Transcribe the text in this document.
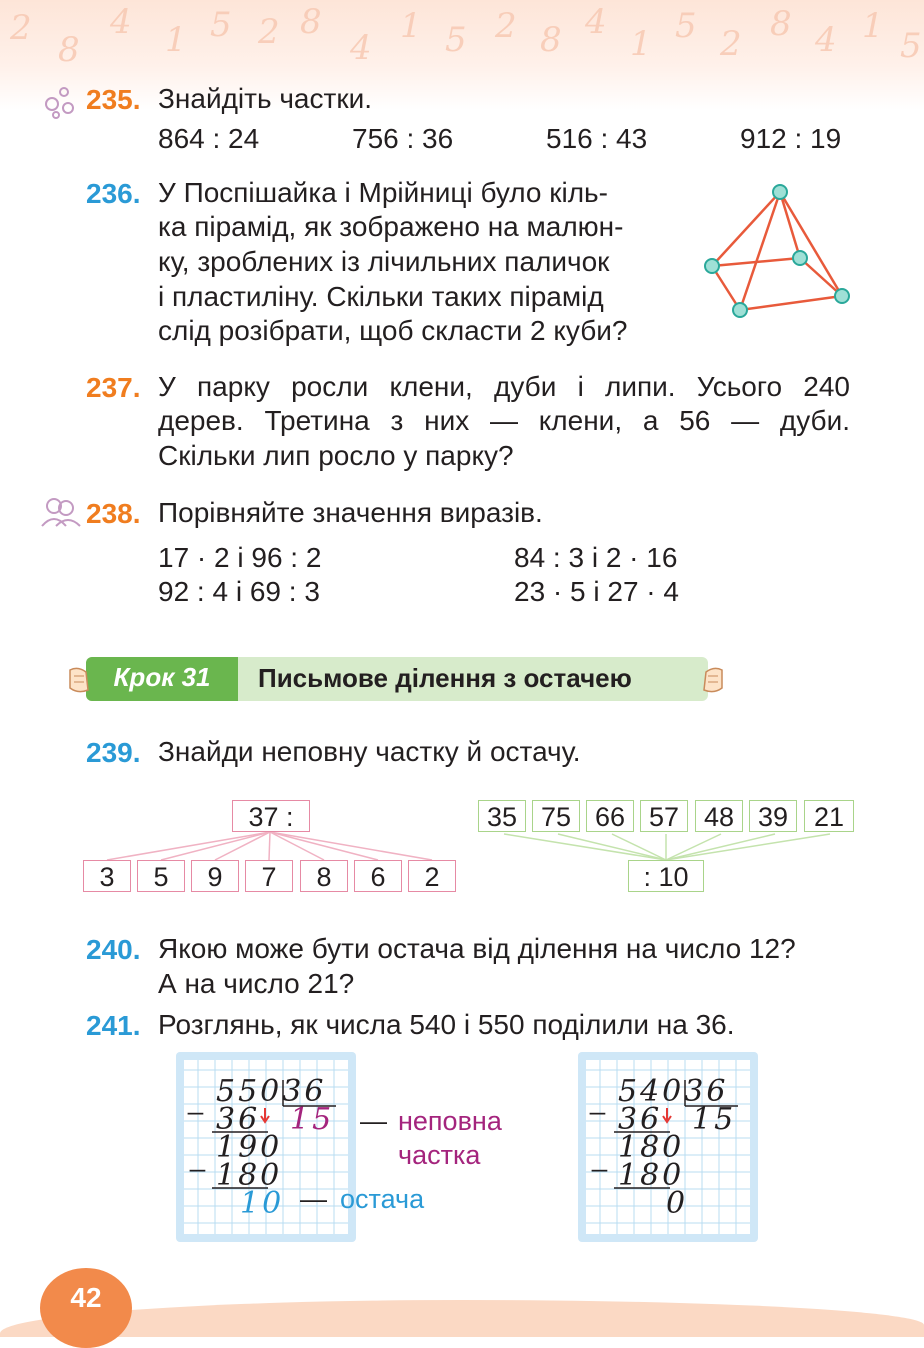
2
8
4 1 5 2 8
4
1 5 2 8 4
1 5 2 8 4 1 5
235. Знайдіть частки.
864 : 24	756 : 36	516 : 43	912 : 19
236. У Поспішайка і Мрійниці було кіль-
ка пірамід, як зображено на малюн-
ку, зроблених із лічильних паличок
і пластиліну. Скільки таких пірамід
слід розібрати, щоб скласти 2 куби?
237. У парку росли клени, дуби і липи. Усього 240
дерев. Третина з них — клени, а 56 — дуби.
Скільки лип росло у парку?
238. Порівняйте значення виразів.
17 · 2 і 96 : 2
92 : 4 і 69 : 3
84 : 3 і 2 · 16
23 · 5 і 27 · 4
Крок 31	Письмове ділення з остачею
239. Знайди неповну частку й остачу.
37 :
3	5	9	7	8	6	2
35 75 66 57 48 39 21
: 10
240. Якою може бути остача від ділення на число 12?
А на число 21?
241. Розглянь, як числа 540 і 550 поділили на 36.
_ 55036
36 15
_ 190
180
10
— неповна
частка
— остача
_ 54036
36 15
_ 180
180
0
42
